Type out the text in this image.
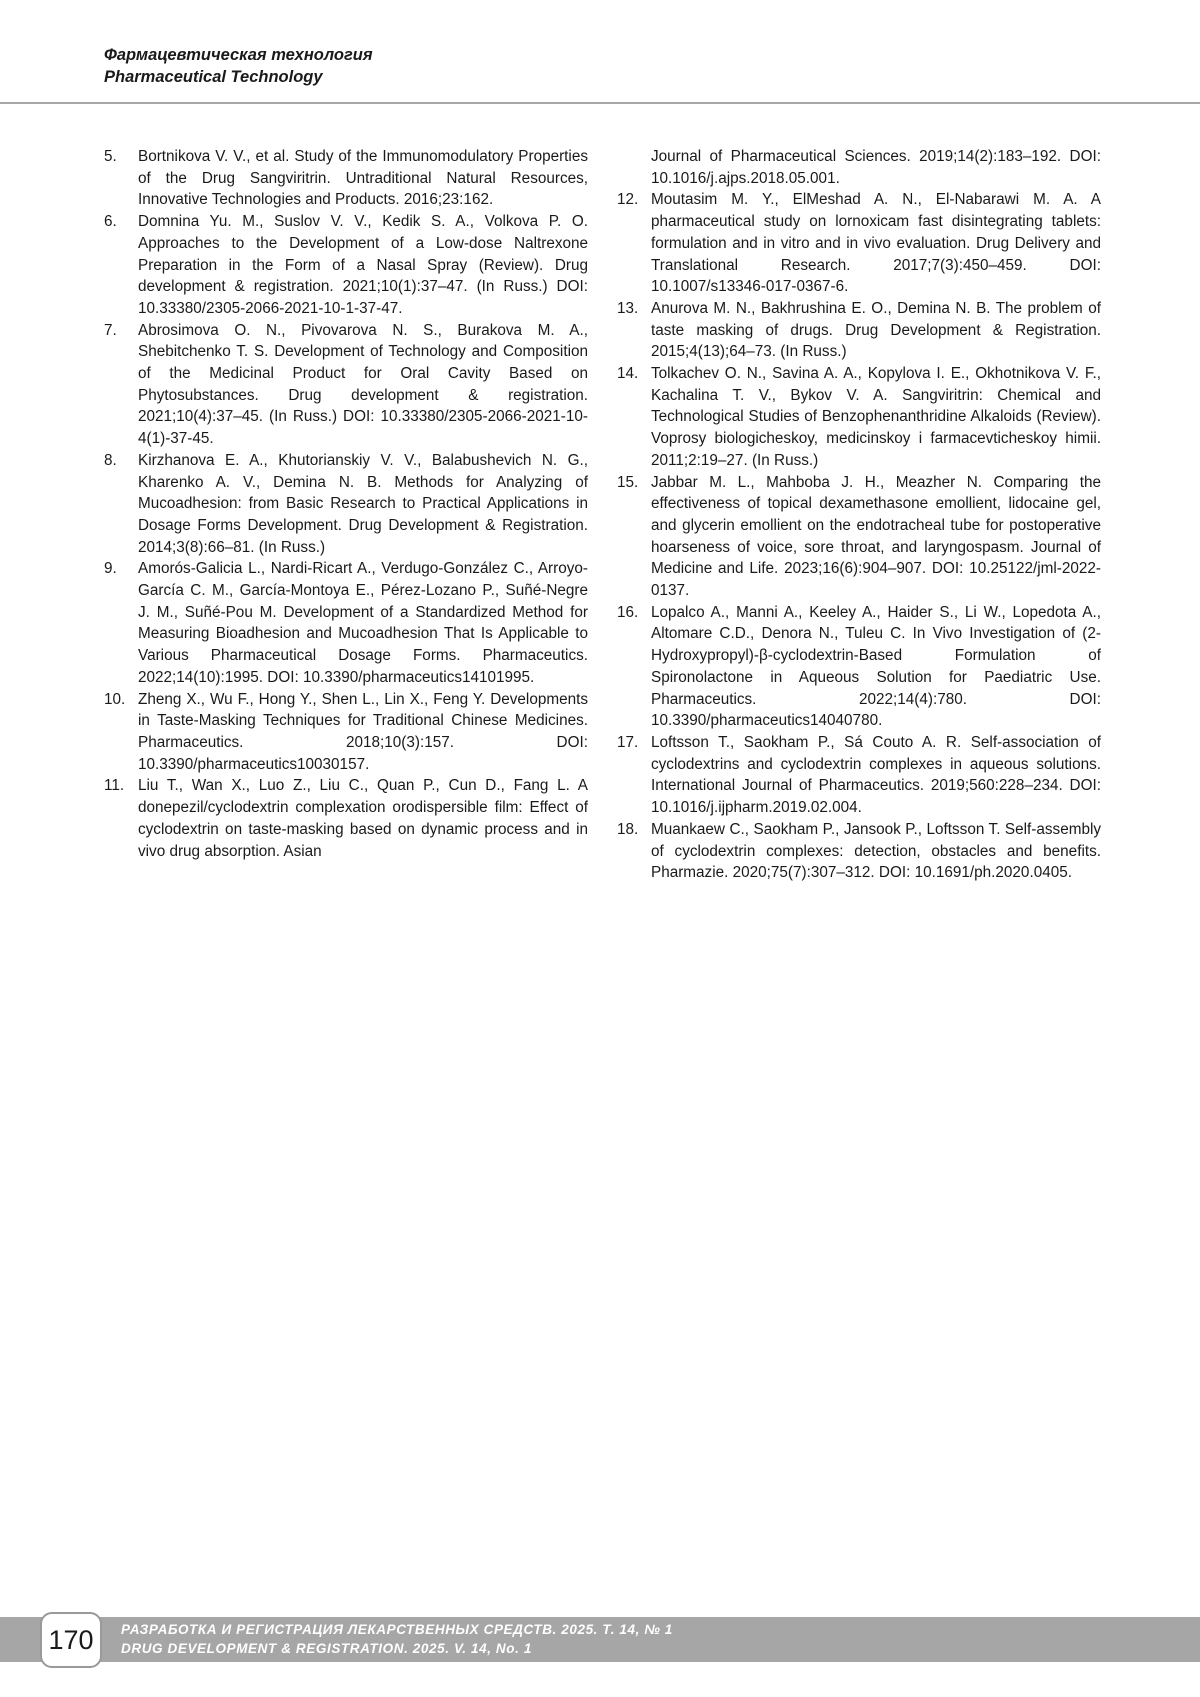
Фармацевтическая технология
Pharmaceutical Technology
5.	Bortnikova V. V., et al. Study of the Immunomodulatory Properties of the Drug Sangviritrin. Untraditional Natural Resources, Innovative Technologies and Products. 2016;23:162.
6.	Domnina Yu. M., Suslov V. V., Kedik S. A., Volkova P. O. Approaches to the Development of a Low-dose Naltrexone Preparation in the Form of a Nasal Spray (Review). Drug development & registration. 2021;10(1):37–47. (In Russ.) DOI: 10.33380/2305-2066-2021-10-1-37-47.
7.	Abrosimova O. N., Pivovarova N. S., Burakova M. A., Shebitchenko T. S. Development of Technology and Composition of the Medicinal Product for Oral Cavity Based on Phytosubstances. Drug development & registration. 2021;10(4):37–45. (In Russ.) DOI: 10.33380/2305-2066-2021-10-4(1)-37-45.
8.	Kirzhanova E. A., Khutorianskiy V. V., Balabushevich N. G., Kharenko A. V., Demina N. B. Methods for Analyzing of Mucoadhesion: from Basic Research to Practical Applications in Dosage Forms Development. Drug Development & Registration. 2014;3(8):66–81. (In Russ.)
9.	Amorós-Galicia L., Nardi-Ricart A., Verdugo-González C., Arroyo-García C. M., García-Montoya E., Pérez-Lozano P., Suñé-Negre J. M., Suñé-Pou M. Development of a Standardized Method for Measuring Bioadhesion and Mucoadhesion That Is Applicable to Various Pharmaceutical Dosage Forms. Pharmaceutics. 2022;14(10):1995. DOI: 10.3390/pharmaceutics14101995.
10. Zheng X., Wu F., Hong Y., Shen L., Lin X., Feng Y. Developments in Taste-Masking Techniques for Traditional Chinese Medicines. Pharmaceutics. 2018;10(3):157. DOI: 10.3390/pharmaceutics10030157.
11. Liu T., Wan X., Luo Z., Liu C., Quan P., Cun D., Fang L. A donepezil/cyclodextrin complexation orodispersible film: Effect of cyclodextrin on taste-masking based on dynamic process and in vivo drug absorption. Asian
Journal of Pharmaceutical Sciences. 2019;14(2):183–192. DOI: 10.1016/j.ajps.2018.05.001.
12. Moutasim M. Y., ElMeshad A. N., El-Nabarawi M. A. A pharmaceutical study on lornoxicam fast disintegrating tablets: formulation and in vitro and in vivo evaluation. Drug Delivery and Translational Research. 2017;7(3):450–459. DOI: 10.1007/s13346-017-0367-6.
13. Anurova M. N., Bakhrushina E. O., Demina N. B. The problem of taste masking of drugs. Drug Development & Registration. 2015;4(13);64–73. (In Russ.)
14. Tolkachev O. N., Savina A. A., Kopylova I. E., Okhotnikova V. F., Kachalina T. V., Bykov V. A. Sangviritrin: Chemical and Technological Studies of Benzophenanthridine Alkaloids (Review). Voprosy biologicheskoy, medicinskoy i farmacevticheskoy himii. 2011;2:19–27. (In Russ.)
15. Jabbar M. L., Mahboba J. H., Meazher N. Comparing the effectiveness of topical dexamethasone emollient, lidocaine gel, and glycerin emollient on the endotracheal tube for postoperative hoarseness of voice, sore throat, and laryngospasm. Journal of Medicine and Life. 2023;16(6):904–907. DOI: 10.25122/jml-2022-0137.
16. Lopalco A., Manni A., Keeley A., Haider S., Li W., Lopedota A., Altomare C.D., Denora N., Tuleu C. In Vivo Investigation of (2-Hydroxypropyl)-β-cyclodextrin-Based Formulation of Spironolactone in Aqueous Solution for Paediatric Use. Pharmaceutics. 2022;14(4):780. DOI: 10.3390/pharmaceutics14040780.
17. Loftsson T., Saokham P., Sá Couto A. R. Self-association of cyclodextrins and cyclodextrin complexes in aqueous solutions. International Journal of Pharmaceutics. 2019;560:228–234. DOI: 10.1016/j.ijpharm.2019.02.004.
18. Muankaew C., Saokham P., Jansook P., Loftsson T. Self-assembly of cyclodextrin complexes: detection, obstacles and benefits. Pharmazie. 2020;75(7):307–312. DOI: 10.1691/ph.2020.0405.
РАЗРАБОТКА И РЕГИСТРАЦИЯ ЛЕКАРСТВЕННЫХ СРЕДСТВ. 2025. Т. 14, № 1
DRUG DEVELOPMENT & REGISTRATION. 2025. V. 14, No. 1
170
